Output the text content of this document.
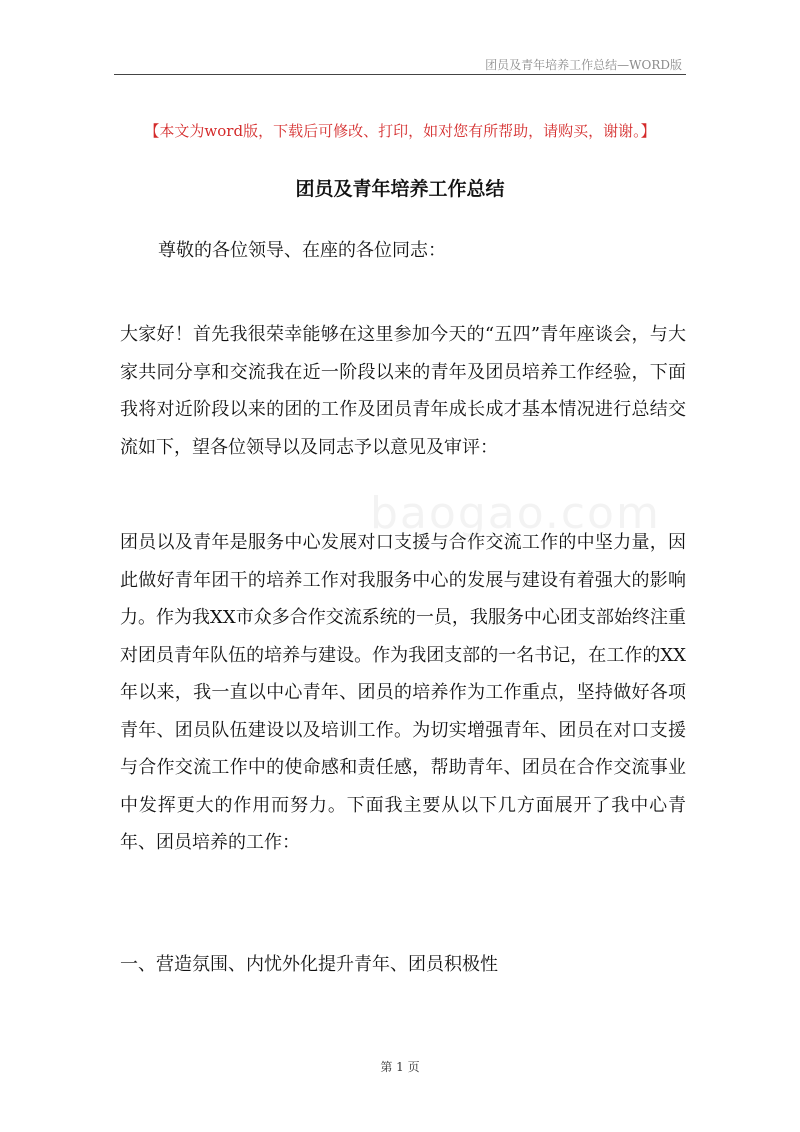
团员及青年培养工作总结—WORD版
【本文为word版，下载后可修改、打印，如对您有所帮助，请购买，谢谢。】
团员及青年培养工作总结
尊敬的各位领导、在座的各位同志：

大家好！首先我很荣幸能够在这里参加今天的“五四”青年座谈会，与大家共同分享和交流我在近一阶段以来的青年及团员培养工作经验，下面我将对近阶段以来的团的工作及团员青年成长成才基本情况进行总结交流如下，望各位领导以及同志予以意见及审评：

团员以及青年是服务中心发展对口支援与合作交流工作的中坚力量，因此做好青年团干的培养工作对我服务中心的发展与建设有着强大的影响力。作为我XX市众多合作交流系统的一员，我服务中心团支部始终注重对团员青年队伍的培养与建设。作为我团支部的一名书记，在工作的XX年以来，我一直以中心青年、团员的培养作为工作重点，坚持做好各项青年、团员队伍建设以及培训工作。为切实增强青年、团员在对口支援与合作交流工作中的使命感和责任感，帮助青年、团员在合作交流事业中发挥更大的作用而努力。下面我主要从以下几方面展开了我中心青年、团员培养的工作：

baogao.com
一、营造氛围、内忧外化提升青年、团员积极性
第 1 页
